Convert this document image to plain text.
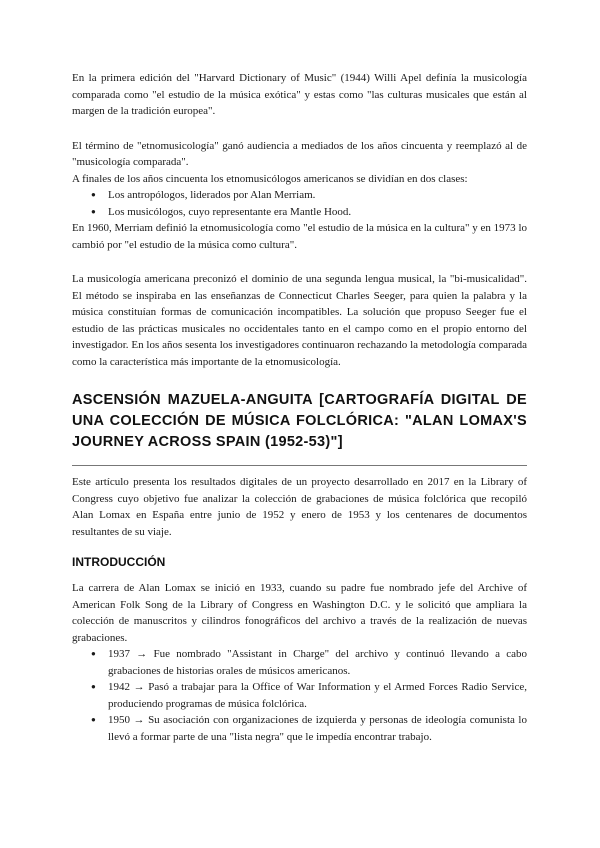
En la primera edición del "Harvard Dictionary of Music" (1944) Willi Apel definía la musicología comparada como "el estudio de la música exótica" y estas como "las culturas musicales que están al margen de la tradición europea".

El término de "etnomusicología" ganó audiencia a mediados de los años cincuenta y reemplazó al de "musicología comparada".

A finales de los años cincuenta los etnomusicólogos americanos se dividían en dos clases:

●
Los antropólogos, liderados por Alan Merriam.
●
Los musicólogos, cuyo representante era Mantle Hood.

En 1960, Merriam definió la etnomusicología como "el estudio de la música en la cultura" y en 1973 lo cambió por "el estudio de la música como cultura".

La musicología americana preconizó el dominio de una segunda lengua musical, la "bi-musicalidad". El método se inspiraba en las enseñanzas de Connecticut Charles Seeger, para quien la palabra y la música constituían formas de comunicación incompatibles. La solución que propuso Seeger fue el estudio de las prácticas musicales no occidentales tanto en el campo como en el propio entorno del investigador. En los años sesenta los investigadores continuaron rechazando la metodología comparada como la característica más importante de la etnomusicología.

ASCENSIÓN MAZUELA-ANGUITA [CARTOGRAFÍA DIGITAL DE UNA COLECCIÓN DE MÚSICA FOLCLÓRICA: "ALAN LOMAX'S JOURNEY ACROSS SPAIN (1952-53)"]

Este artículo presenta los resultados digitales de un proyecto desarrollado en 2017 en la Library of Congress cuyo objetivo fue analizar la colección de grabaciones de música folclórica que recopiló Alan Lomax en España entre junio de 1952 y enero de 1953 y los centenares de documentos resultantes de su viaje.

INTRODUCCIÓN

La carrera de Alan Lomax se inició en 1933, cuando su padre fue nombrado jefe del Archive of American Folk Song de la Library of Congress en Washington D.C. y le solicitó que ampliara la colección de manuscritos y cilindros fonográficos del archivo a través de la realización de nuevas grabaciones.

●
1937 → Fue nombrado "Assistant in Charge" del archivo y continuó llevando a cabo grabaciones de historias orales de músicos americanos.
●
1942 → Pasó a trabajar para la Office of War Information y el Armed Forces Radio Service, produciendo programas de música folclórica.
●
1950 → Su asociación con organizaciones de izquierda y personas de ideología comunista lo llevó a formar parte de una "lista negra" que le impedía encontrar trabajo.
